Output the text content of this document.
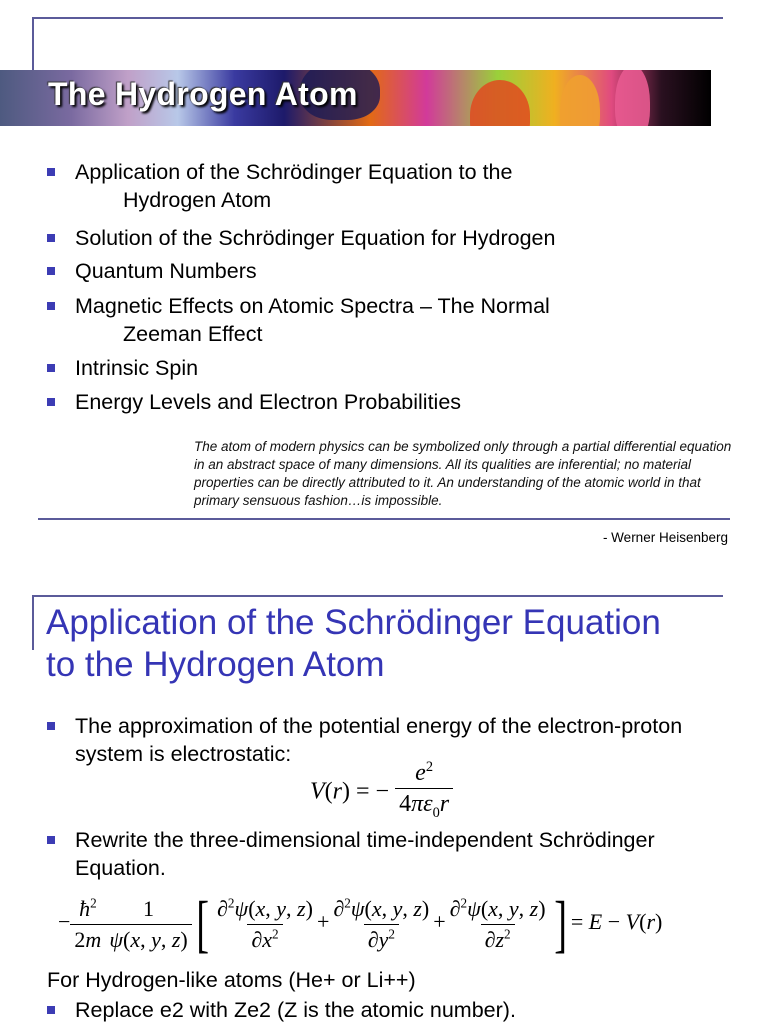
The Hydrogen Atom
Application of the Schrödinger Equation to the
Hydrogen Atom
Solution of the Schrödinger Equation for Hydrogen
Quantum Numbers
Magnetic Effects on Atomic Spectra – The Normal
Zeeman Effect
Intrinsic Spin
Energy Levels and Electron Probabilities
The atom of modern physics can be symbolized only through a partial differential equation in an abstract space of many dimensions. All its qualities are inferential; no material properties can be directly attributed to it. An understanding of the atomic world in that primary sensuous fashion…is impossible.
- Werner Heisenberg
Application of the Schrödinger Equation
to the Hydrogen Atom
The approximation of the potential energy of the electron-proton
system is electrostatic:
V(r) = − $\frac{e^2}{4\pi\varepsilon_0r}$
Rewrite the three-dimensional time-independent Schrödinger
Equation.
− $\frac{ħ^2}{2m} \frac{1}{\psi(x, y, z)}$ [ $\frac{\partial^2\psi(x, y, z)}{\partial x^2} + \frac{\partial^2\psi(x, y, z)}{\partial y^2} + \frac{\partial^2\psi(x, y, z)}{\partial z^2}$ ] = E − V(r)
For Hydrogen-like atoms (He+ or Li++)
Replace e2 with Ze2 (Z is the atomic number).
